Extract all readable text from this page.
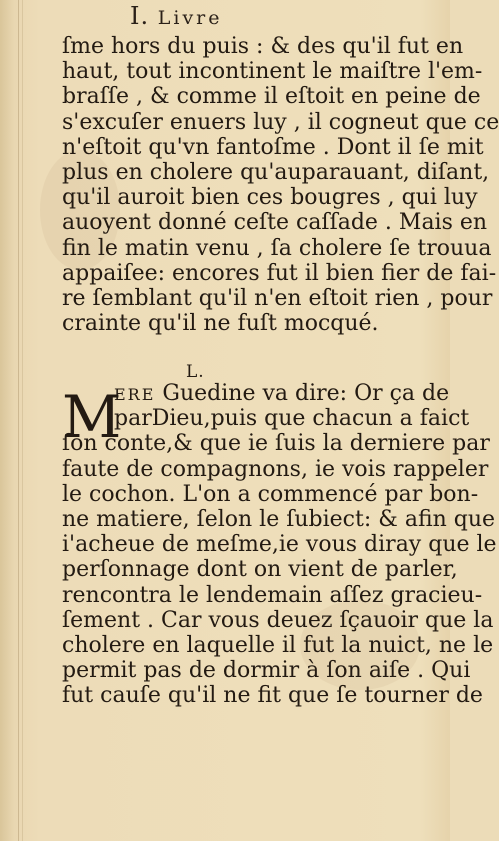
I. Livre
ſme hors du puis : & des qu'il fut en
haut, tout incontinent le maiſtre l'em-
braſſe , & comme il eſtoit en peine de
s'excuſer enuers luy , il cogneut que ce
n'eſtoit qu'vn fantoſme . Dont il ſe mit
plus en cholere qu'auparauant, diſant,
qu'il auroit bien ces bougres , qui luy
auoyent donné ceſte caſſade . Mais en
fin le matin venu , ſa cholere ſe trouua
appaiſee: encores fut il bien fier de fai-
re ſemblant qu'il n'en eſtoit rien , pour
crainte qu'il ne fuſt mocqué.
L.
M
ERE Guedine va dire: Or ça de
parDieu,puis que chacun a faict
ſon conte,& que ie ſuis la derniere par
faute de compagnons, ie vois rappeler
le cochon. L'on a commencé par bon-
ne matiere, ſelon le ſubiect: & afin que
i'acheue de meſme,ie vous diray que le
perſonnage dont on vient de parler,
rencontra le lendemain aſſez gracieu-
ſement . Car vous deuez ſçauoir que la
cholere en laquelle il fut la nuict, ne le
permit pas de dormir à ſon aiſe . Qui
fut cauſe qu'il ne fit que ſe tourner de
